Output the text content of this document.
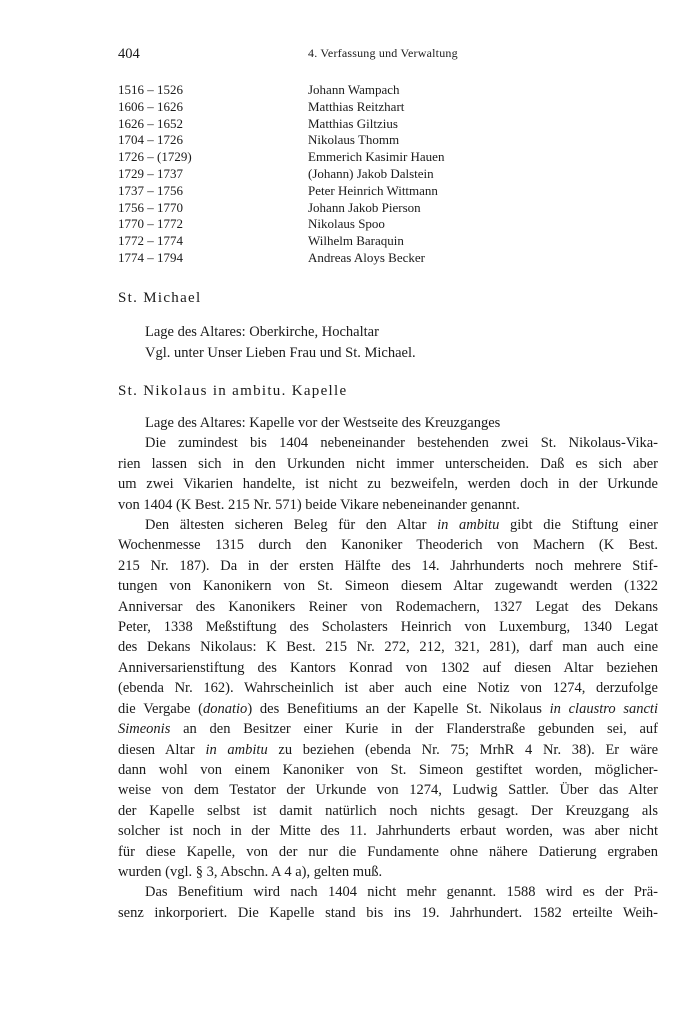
404	4. Verfassung und Verwaltung
1516 – 1526	Johann Wampach
1606 – 1626	Matthias Reitzhart
1626 – 1652	Matthias Giltzius
1704 – 1726	Nikolaus Thomm
1726 – (1729)	Emmerich Kasimir Hauen
1729 – 1737	(Johann) Jakob Dalstein
1737 – 1756	Peter Heinrich Wittmann
1756 – 1770	Johann Jakob Pierson
1770 – 1772	Nikolaus Spoo
1772 – 1774	Wilhelm Baraquin
1774 – 1794	Andreas Aloys Becker
St. Michael
Lage des Altares: Oberkirche, Hochaltar
Vgl. unter Unser Lieben Frau und St. Michael.
St. Nikolaus in ambitu. Kapelle
Lage des Altares: Kapelle vor der Westseite des Kreuzganges
Die zumindest bis 1404 nebeneinander bestehenden zwei St. Nikolaus-Vika-
rien lassen sich in den Urkunden nicht immer unterscheiden. Daß es sich aber
um zwei Vikarien handelte, ist nicht zu bezweifeln, werden doch in der Urkunde
von 1404 (K Best. 215 Nr. 571) beide Vikare nebeneinander genannt.
Den ältesten sicheren Beleg für den Altar in ambitu gibt die Stiftung einer
Wochenmesse 1315 durch den Kanoniker Theoderich von Machern (K Best.
215 Nr. 187). Da in der ersten Hälfte des 14. Jahrhunderts noch mehrere Stif-
tungen von Kanonikern von St. Simeon diesem Altar zugewandt werden (1322
Anniversar des Kanonikers Reiner von Rodemachern, 1327 Legat des Dekans
Peter, 1338 Meßstiftung des Scholasters Heinrich von Luxemburg, 1340 Legat
des Dekans Nikolaus: K Best. 215 Nr. 272, 212, 321, 281), darf man auch eine
Anniversarienstiftung des Kantors Konrad von 1302 auf diesen Altar beziehen
(ebenda Nr. 162). Wahrscheinlich ist aber auch eine Notiz von 1274, derzufolge
die Vergabe (donatio) des Benefitiums an der Kapelle St. Nikolaus in claustro sancti
Simeonis an den Besitzer einer Kurie in der Flanderstraße gebunden sei, auf
diesen Altar in ambitu zu beziehen (ebenda Nr. 75; MrhR 4 Nr. 38). Er wäre
dann wohl von einem Kanoniker von St. Simeon gestiftet worden, möglicher-
weise von dem Testator der Urkunde von 1274, Ludwig Sattler. Über das Alter
der Kapelle selbst ist damit natürlich noch nichts gesagt. Der Kreuzgang als
solcher ist noch in der Mitte des 11. Jahrhunderts erbaut worden, was aber nicht
für diese Kapelle, von der nur die Fundamente ohne nähere Datierung ergraben
wurden (vgl. § 3, Abschn. A 4 a), gelten muß.
Das Benefitium wird nach 1404 nicht mehr genannt. 1588 wird es der Prä-
senz inkorporiert. Die Kapelle stand bis ins 19. Jahrhundert. 1582 erteilte Weih-
